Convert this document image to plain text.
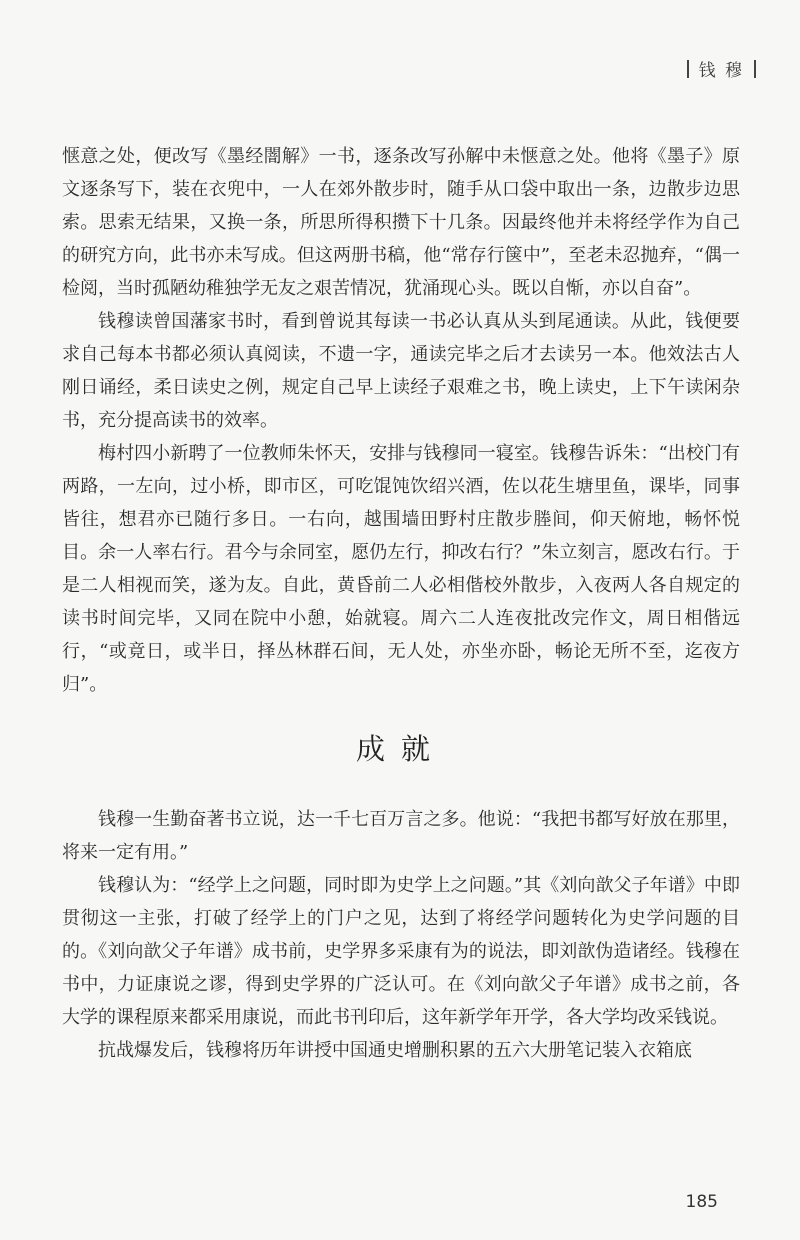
钱 穆

惬意之处，便改写《墨经闇解》一书，逐条改写孙解中未惬意之处。他将《墨子》原文逐条写下，装在衣兜中，一人在郊外散步时，随手从口袋中取出一条，边散步边思索。思索无结果，又换一条，所思所得积攒下十几条。因最终他并未将经学作为自己的研究方向，此书亦未写成。但这两册书稿，他“常存行箧中”，至老未忍抛弃，“偶一检阅，当时孤陋幼稚独学无友之艰苦情况，犹涌现心头。既以自惭，亦以自奋”。

钱穆读曾国藩家书时，看到曾说其每读一书必认真从头到尾通读。从此，钱便要求自己每本书都必须认真阅读，不遗一字，通读完毕之后才去读另一本。他效法古人刚日诵经，柔日读史之例，规定自己早上读经子艰难之书，晚上读史，上下午读闲杂书，充分提高读书的效率。

梅村四小新聘了一位教师朱怀天，安排与钱穆同一寝室。钱穆告诉朱：“出校门有两路，一左向，过小桥，即市区，可吃馄饨饮绍兴酒，佐以花生塘里鱼，课毕，同事皆往，想君亦已随行多日。一右向，越围墙田野村庄散步塍间，仰天俯地，畅怀悦目。余一人率右行。君今与余同室，愿仍左行，抑改右行？”朱立刻言，愿改右行。于是二人相视而笑，遂为友。自此，黄昏前二人必相偕校外散步，入夜两人各自规定的读书时间完毕，又同在院中小憩，始就寝。周六二人连夜批改完作文，周日相偕远行，“或竟日，或半日，择丛林群石间，无人处，亦坐亦卧，畅论无所不至，迄夜方归”。

成就

钱穆一生勤奋著书立说，达一千七百万言之多。他说：“我把书都写好放在那里，将来一定有用。”

钱穆认为：“经学上之问题，同时即为史学上之问题。”其《刘向歆父子年谱》中即贯彻这一主张，打破了经学上的门户之见，达到了将经学问题转化为史学问题的目的。《刘向歆父子年谱》成书前，史学界多采康有为的说法，即刘歆伪造诸经。钱穆在书中，力证康说之谬，得到史学界的广泛认可。在《刘向歆父子年谱》成书之前，各大学的课程原来都采用康说，而此书刊印后，这年新学年开学，各大学均改采钱说。

抗战爆发后，钱穆将历年讲授中国通史增删积累的五六大册笔记装入衣箱底

185
